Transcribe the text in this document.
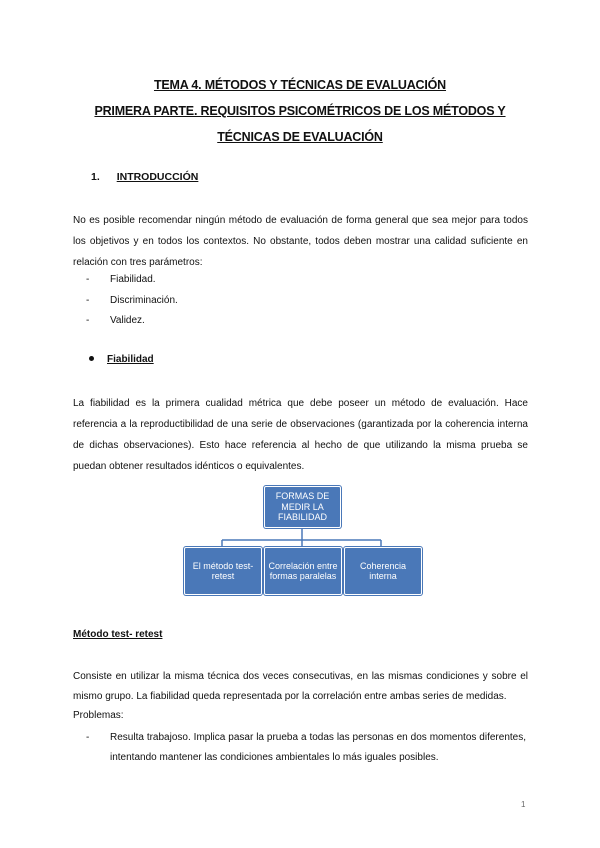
TEMA 4. MÉTODOS Y TÉCNICAS DE EVALUACIÓN
PRIMERA PARTE. REQUISITOS PSICOMÉTRICOS DE LOS MÉTODOS Y
TÉCNICAS DE EVALUACIÓN
1. INTRODUCCIÓN
No es posible recomendar ningún método de evaluación de forma general que sea mejor para todos los objetivos y en todos los contextos. No obstante, todos deben mostrar una calidad suficiente en relación con tres parámetros:
- Fiabilidad.
- Discriminación.
- Validez.
Fiabilidad
La fiabilidad es la primera cualidad métrica que debe poseer un método de evaluación. Hace referencia a la reproductibilidad de una serie de observaciones (garantizada por la coherencia interna de dichas observaciones). Esto hace referencia al hecho de que utilizando la misma prueba se puedan obtener resultados idénticos o equivalentes.
FORMAS DE MEDIR LA FIABILIDAD
El método test- retest
Correlación entre formas paralelas
Coherencia interna
Método test- retest
Consiste en utilizar la misma técnica dos veces consecutivas, en las mismas condiciones y sobre el mismo grupo. La fiabilidad queda representada por la correlación entre ambas series de medidas.
Problemas:
- Resulta trabajoso. Implica pasar la prueba a todas las personas en dos momentos diferentes, intentando mantener las condiciones ambientales lo más iguales posibles.
1
